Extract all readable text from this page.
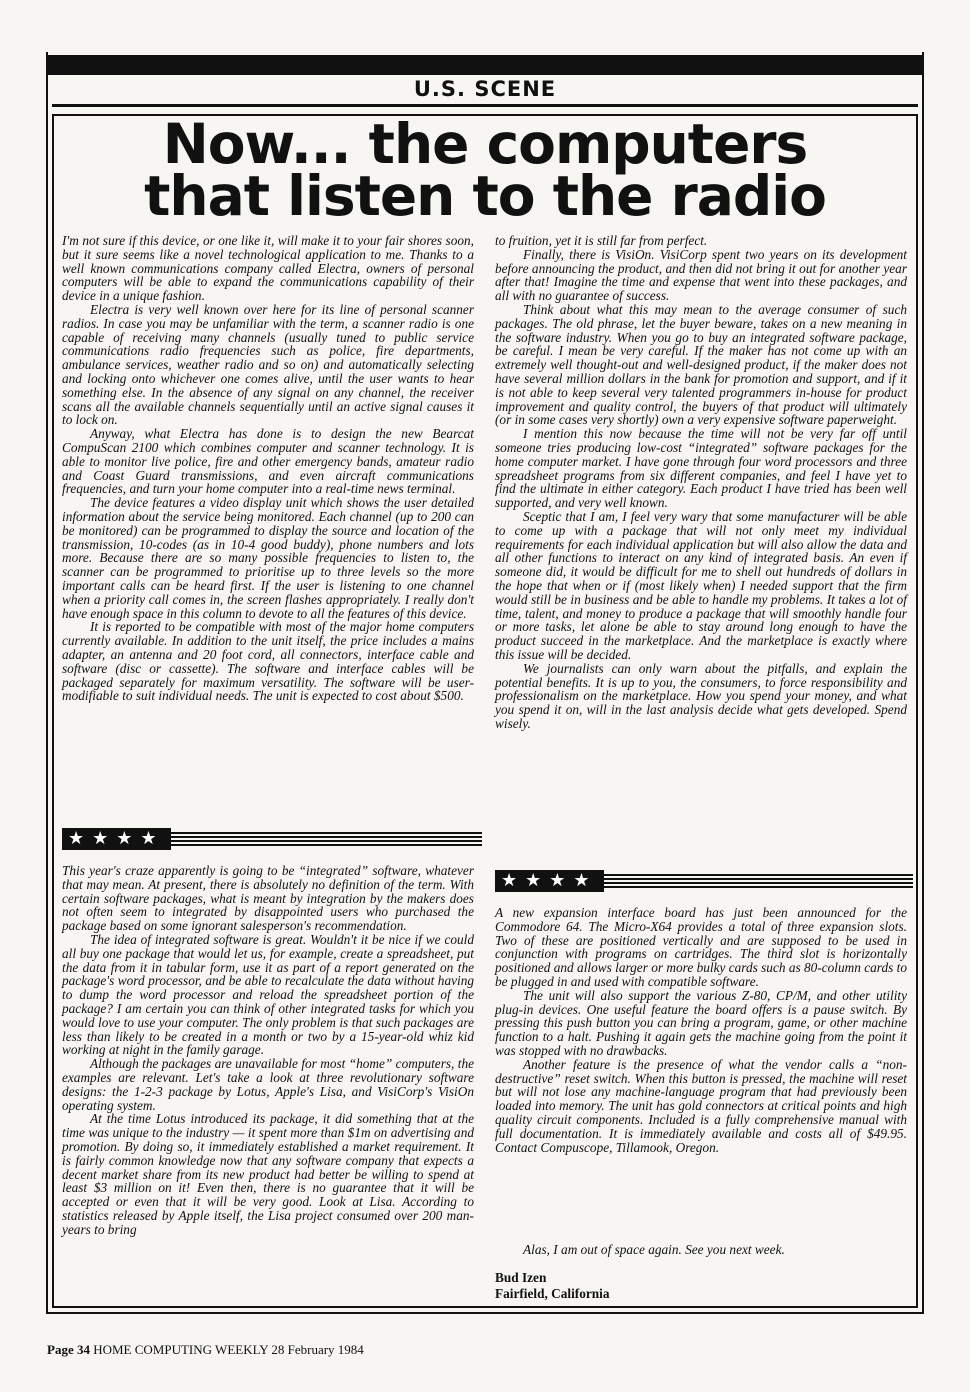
U.S. SCENE
Now... the computers
that listen to the radio

I'm not sure if this device, or one like it, will make it to your fair shores soon, but it sure seems like a novel technological application to me. Thanks to a well known communications company called Electra, owners of personal computers will be able to expand the communications capability of their device in a unique fashion.

Electra is very well known over here for its line of personal scanner radios. In case you may be unfamiliar with the term, a scanner radio is one capable of receiving many channels (usually tuned to public service communications radio frequencies such as police, fire departments, ambulance services, weather radio and so on) and automatically selecting and locking onto whichever one comes alive, until the user wants to hear something else. In the absence of any signal on any channel, the receiver scans all the available channels sequentially until an active signal causes it to lock on.

Anyway, what Electra has done is to design the new Bearcat CompuScan 2100 which combines computer and scanner technology. It is able to monitor live police, fire and other emergency bands, amateur radio and Coast Guard transmissions, and even aircraft communications frequencies, and turn your home computer into a real-time news terminal.

The device features a video display unit which shows the user detailed information about the service being monitored. Each channel (up to 200 can be monitored) can be programmed to display the source and location of the transmission, 10-codes (as in 10-4 good buddy), phone numbers and lots more. Because there are so many possible frequencies to listen to, the scanner can be programmed to prioritise up to three levels so the more important calls can be heard first. If the user is listening to one channel when a priority call comes in, the screen flashes appropriately. I really don't have enough space in this column to devote to all the features of this device.

It is reported to be compatible with most of the major home computers currently available. In addition to the unit itself, the price includes a mains adapter, an antenna and 20 foot cord, all connectors, interface cable and software (disc or cassette). The software and interface cables will be packaged separately for maximum versatility. The software will be user-modifiable to suit individual needs. The unit is expected to cost about $500.

★★★★

This year's craze apparently is going to be “integrated” software, whatever that may mean. At present, there is absolutely no definition of the term. With certain software packages, what is meant by integration by the makers does not often seem to integrated by disappointed users who purchased the package based on some ignorant salesperson's recommendation.

The idea of integrated software is great. Wouldn't it be nice if we could all buy one package that would let us, for example, create a spreadsheet, put the data from it in tabular form, use it as part of a report generated on the package's word processor, and be able to recalculate the data without having to dump the word processor and reload the spreadsheet portion of the package? I am certain you can think of other integrated tasks for which you would love to use your computer. The only problem is that such packages are less than likely to be created in a month or two by a 15-year-old whiz kid working at night in the family garage.

Although the packages are unavailable for most “home” computers, the examples are relevant. Let's take a look at three revolutionary software designs: the 1-2-3 package by Lotus, Apple's Lisa, and VisiCorp's VisiOn operating system.

At the time Lotus introduced its package, it did something that at the time was unique to the industry — it spent more than $1m on advertising and promotion. By doing so, it immediately established a market requirement. It is fairly common knowledge now that any software company that expects a decent market share from its new product had better be willing to spend at least $3 million on it! Even then, there is no guarantee that it will be accepted or even that it will be very good. Look at Lisa. According to statistics released by Apple itself, the Lisa project consumed over 200 man-years to bring

to fruition, yet it is still far from perfect.

Finally, there is VisiOn. VisiCorp spent two years on its development before announcing the product, and then did not bring it out for another year after that! Imagine the time and expense that went into these packages, and all with no guarantee of success.

Think about what this may mean to the average consumer of such packages. The old phrase, let the buyer beware, takes on a new meaning in the software industry. When you go to buy an integrated software package, be careful. I mean be very careful. If the maker has not come up with an extremely well thought-out and well-designed product, if the maker does not have several million dollars in the bank for promotion and support, and if it is not able to keep several very talented programmers in-house for product improvement and quality control, the buyers of that product will ultimately (or in some cases very shortly) own a very expensive software paperweight.

I mention this now because the time will not be very far off until someone tries producing low-cost “integrated” software packages for the home computer market. I have gone through four word processors and three spreadsheet programs from six different companies, and feel I have yet to find the ultimate in either category. Each product I have tried has been well supported, and very well known.

Sceptic that I am, I feel very wary that some manufacturer will be able to come up with a package that will not only meet my individual requirements for each individual application but will also allow the data and all other functions to interact on any kind of integrated basis. An even if someone did, it would be difficult for me to shell out hundreds of dollars in the hope that when or if (most likely when) I needed support that the firm would still be in business and be able to handle my problems. It takes a lot of time, talent, and money to produce a package that will smoothly handle four or more tasks, let alone be able to stay around long enough to have the product succeed in the marketplace. And the marketplace is exactly where this issue will be decided.

We journalists can only warn about the pitfalls, and explain the potential benefits. It is up to you, the consumers, to force responsibility and professionalism on the marketplace. How you spend your money, and what you spend it on, will in the last analysis decide what gets developed. Spend wisely.

★★★★

A new expansion interface board has just been announced for the Commodore 64. The Micro-X64 provides a total of three expansion slots. Two of these are positioned vertically and are supposed to be used in conjunction with programs on cartridges. The third slot is horizontally positioned and allows larger or more bulky cards such as 80-column cards to be plugged in and used with compatible software.

The unit will also support the various Z-80, CP/M, and other utility plug-in devices. One useful feature the board offers is a pause switch. By pressing this push button you can bring a program, game, or other machine function to a halt. Pushing it again gets the machine going from the point it was stopped with no drawbacks.

Another feature is the presence of what the vendor calls a “non-destructive” reset switch. When this button is pressed, the machine will reset but will not lose any machine-language program that had previously been loaded into memory. The unit has gold connectors at critical points and high quality circuit components. Included is a fully comprehensive manual with full documentation. It is immediately available and costs all of $49.95. Contact Compuscope, Tillamook, Oregon.

Alas, I am out of space again. See you next week.
Bud Izen
Fairfield, California
Page 34 HOME COMPUTING WEEKLY 28 February 1984
